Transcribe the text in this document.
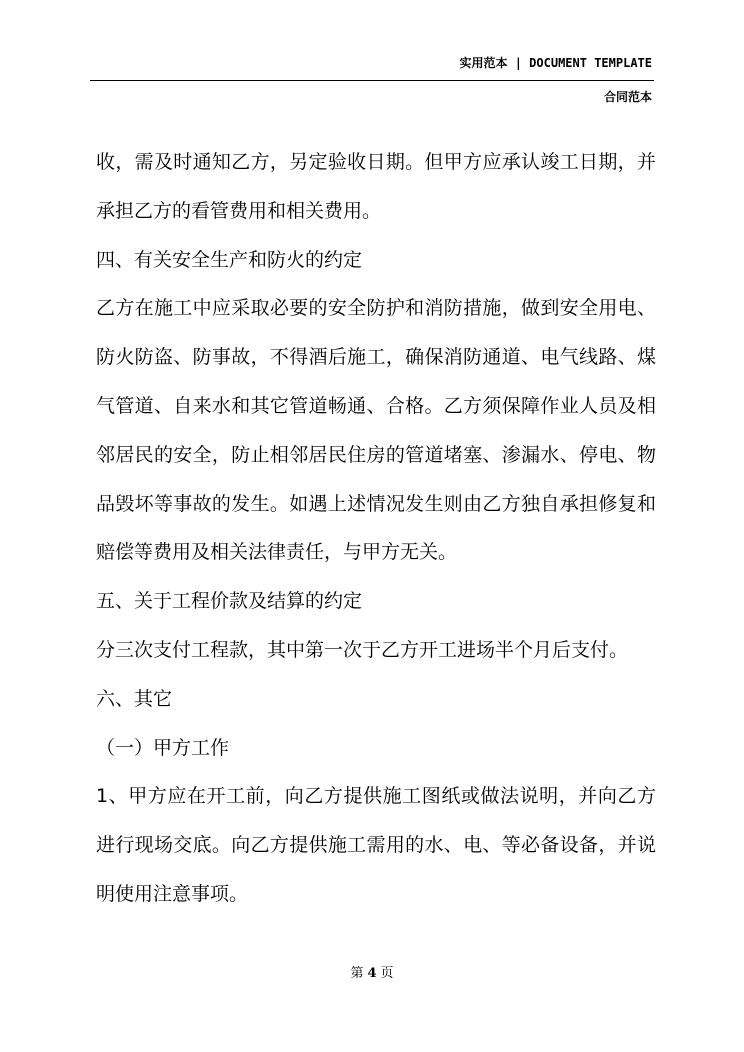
实用范本 | DOCUMENT TEMPLATE
合同范本

收，需及时通知乙方，另定验收日期。但甲方应承认竣工日期，并承担乙方的看管费用和相关费用。

四、有关安全生产和防火的约定

乙方在施工中应采取必要的安全防护和消防措施，做到安全用电、防火防盗、防事故，不得酒后施工，确保消防通道、电气线路、煤气管道、自来水和其它管道畅通、合格。乙方须保障作业人员及相邻居民的安全，防止相邻居民住房的管道堵塞、渗漏水、停电、物品毁坏等事故的发生。如遇上述情况发生则由乙方独自承担修复和赔偿等费用及相关法律责任，与甲方无关。

五、关于工程价款及结算的约定

分三次支付工程款，其中第一次于乙方开工进场半个月后支付。

六、其它

（一）甲方工作

1、甲方应在开工前，向乙方提供施工图纸或做法说明，并向乙方进行现场交底。向乙方提供施工需用的水、电、等必备设备，并说明使用注意事项。

第 4 页
